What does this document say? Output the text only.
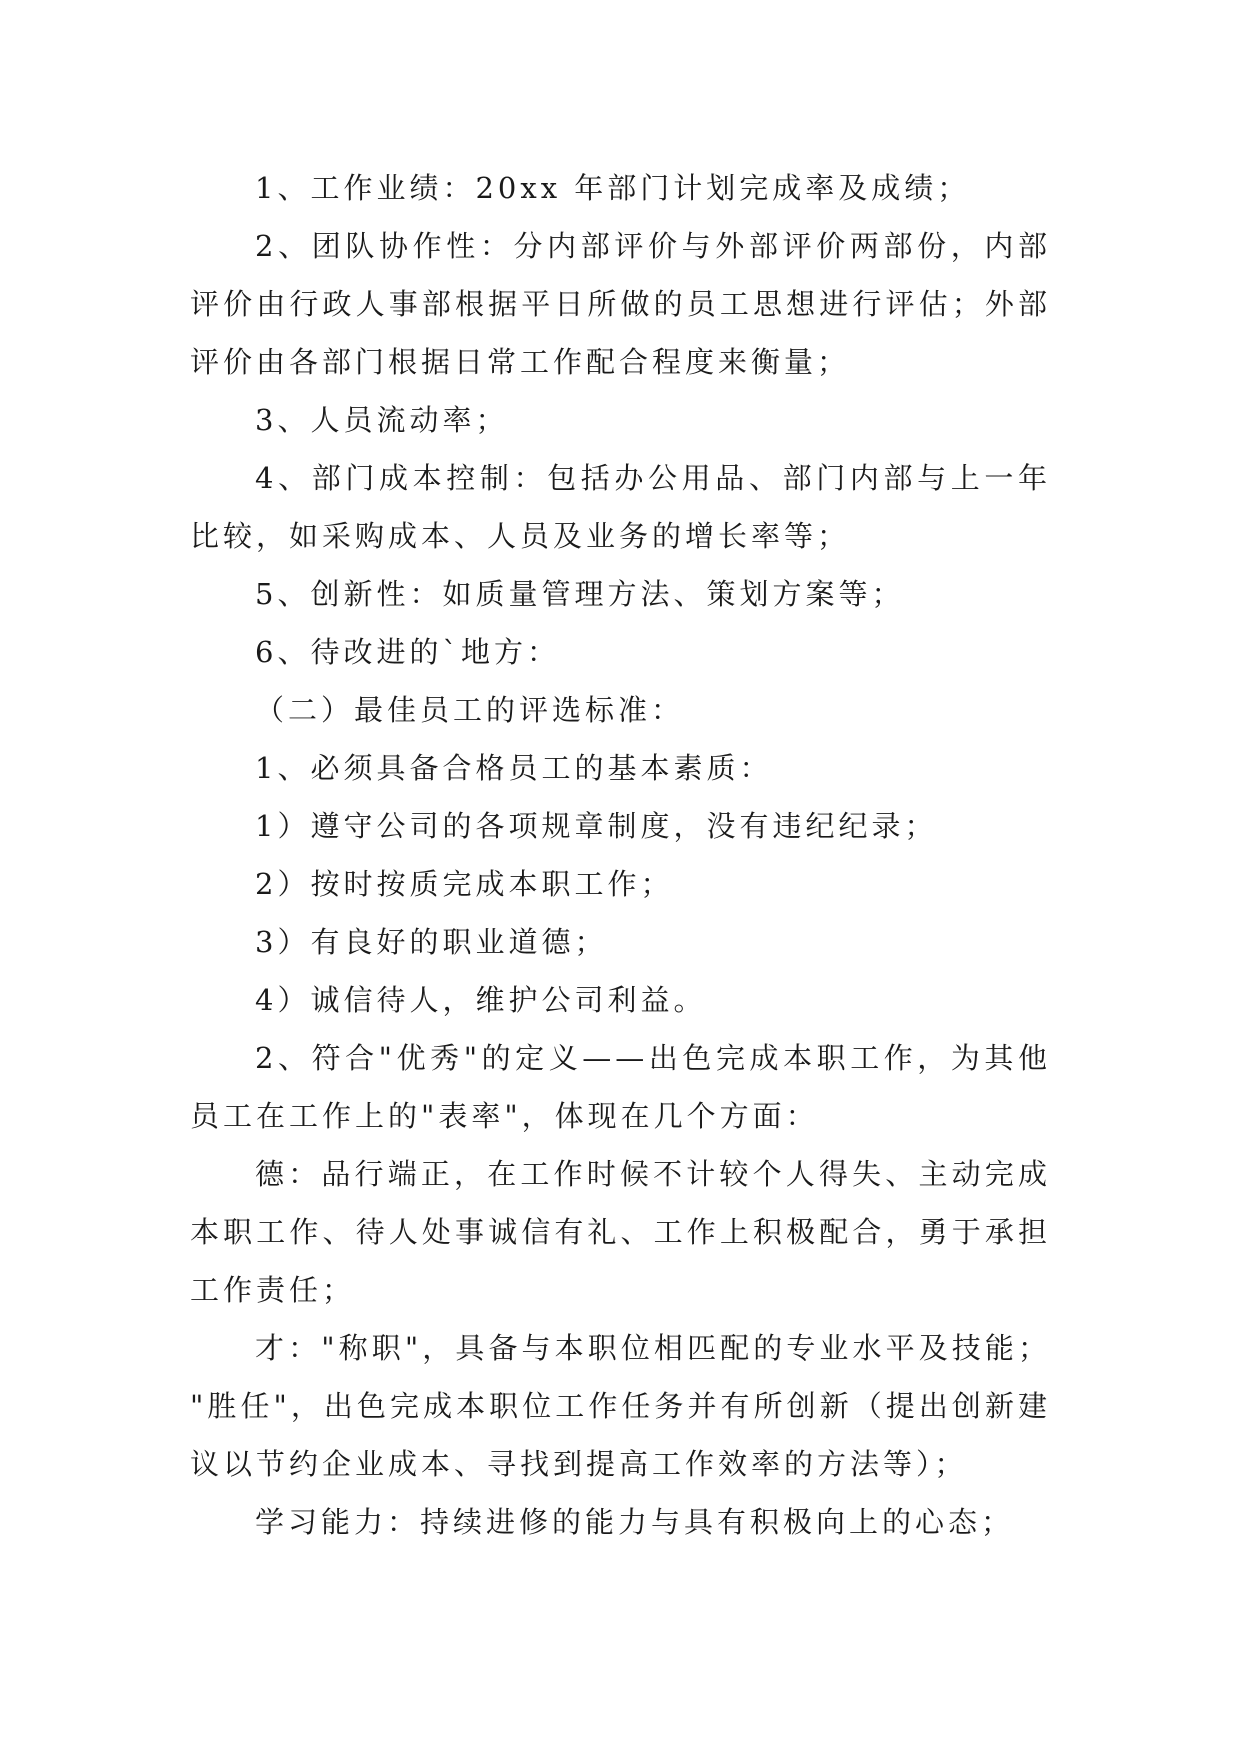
1、工作业绩：20xx 年部门计划完成率及成绩；
2、团队协作性：分内部评价与外部评价两部份，内部
评价由行政人事部根据平日所做的员工思想进行评估；外部
评价由各部门根据日常工作配合程度来衡量；
3、人员流动率；
4、部门成本控制：包括办公用品、部门内部与上一年
比较，如采购成本、人员及业务的增长率等；
5、创新性：如质量管理方法、策划方案等；
6、待改进的`地方：
（二）最佳员工的评选标准：
1、必须具备合格员工的基本素质：
1）遵守公司的各项规章制度，没有违纪纪录；
2）按时按质完成本职工作；
3）有良好的职业道德；
4）诚信待人，维护公司利益。
2、符合"优秀"的定义——出色完成本职工作，为其他
员工在工作上的"表率"，体现在几个方面：
德：品行端正，在工作时候不计较个人得失、主动完成
本职工作、待人处事诚信有礼、工作上积极配合，勇于承担
工作责任；
才："称职"，具备与本职位相匹配的专业水平及技能；
"胜任"，出色完成本职位工作任务并有所创新（提出创新建
议以节约企业成本、寻找到提高工作效率的方法等）；
学习能力：持续进修的能力与具有积极向上的心态；
